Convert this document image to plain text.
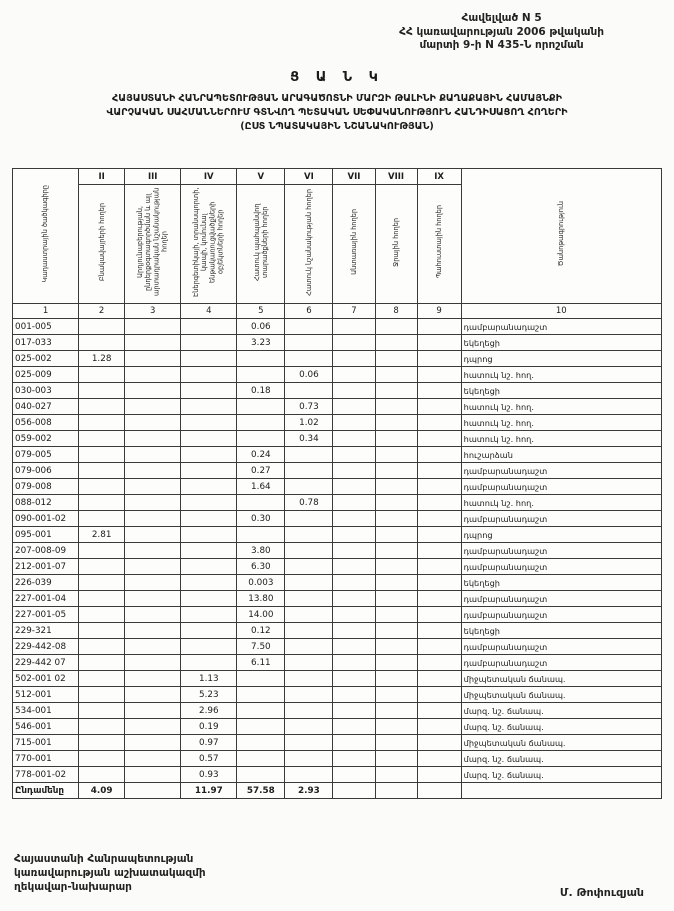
Հավելված N 5
ՀՀ կառավարության 2006 թվականի
մարտի 9-ի N 435-Ն որոշման
Ց Ա Ն Կ
ՀԱՅԱՍՏԱՆԻ ՀԱՆՐԱՊԵՏՈՒԹՅԱՆ ԱՐԱԳԱԾՈՏՆԻ ՄԱՐԶԻ ԹԱԼԻՆԻ ՔԱՂԱՔԱՅԻՆ ՀԱՄԱՅՆՔԻ
ՎԱՐՉԱԿԱՆ ՍԱՀՄԱՆՆԵՐՈՒՄ ԳՏՆՎՈՂ ՊԵՏԱԿԱՆ ՍԵՓԱԿԱՆՈՒԹՅՈՒՆ ՀԱՆԴԻՍԱՑՈՂ ՀՈՂԵՐԻ
(ԸՍՏ ՆՊԱՏԱԿԱՅԻՆ ՆՇԱՆԱԿՈՒԹՅԱՆ)
Կադաստրային ծածկագիրը	II	III	IV	V	VI	VII	VIII	IX	Ծանոթագրություն
	Բնակավայրերի հողեր	Արդյունաբերության, ընդերքօգտագործման և այլ արտադրական նշանակության հողեր	Էներգետիկայի, տրանսպորտի, կապի, կոմունալ ենթակառուցվածքների օբյեկտների հողեր	Հատուկ պահպանվող տարածքների հողեր	Հատուկ նշանակության հողեր	Անտառային հողեր	Ջրային հողեր	Պահուստային հողեր	
1	2	3	4	5	6	7	8	9	10
001-005				0.06					դամբարանադաշտ
017-033				3.23					եկեղեցի
025-002	1.28								դպրոց
025-009					0.06				հատուկ նշ. հող.
030-003				0.18					եկեղեցի
040-027					0.73				հատուկ նշ. հող.
056-008					1.02				հատուկ նշ. հող.
059-002					0.34				հատուկ նշ. հող.
079-005				0.24					հուշարձան
079-006				0.27					դամբարանադաշտ
079-008				1.64					դամբարանադաշտ
088-012					0.78				հատուկ նշ. հող.
090-001-02				0.30					դամբարանադաշտ
095-001	2.81								դպրոց
207-008-09				3.80					դամբարանադաշտ
212-001-07				6.30					դամբարանադաշտ
226-039				0.003					եկեղեցի
227-001-04				13.80					դամբարանադաշտ
227-001-05				14.00					դամբարանադաշտ
229-321				0.12					եկեղեցի
229-442-08				7.50					դամբարանադաշտ
229-442 07				6.11					դամբարանադաշտ
502-001 02			1.13						միջպետական ճանապ.
512-001			5.23						միջպետական ճանապ.
534-001			2.96						մարզ. նշ. ճանապ.
546-001			0.19						մարզ. նշ. ճանապ.
715-001			0.97						միջպետական ճանապ.
770-001			0.57						մարզ. նշ. ճանապ.
778-001-02			0.93						մարզ. նշ. ճանապ.
Ընդամենը	4.09		11.97	57.58	2.93				
Հայաստանի Հանրապետության
կառավարության աշխատակազմի
ղեկավար-նախարար	Մ. Թոփուզյան
